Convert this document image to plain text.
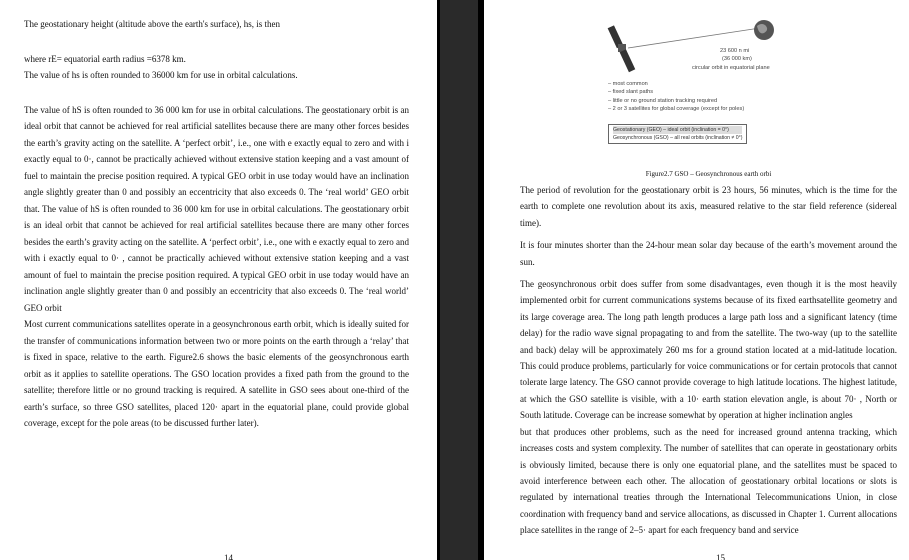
The geostationary height (altitude above the earth's surface), hs, is then

where rE= equatorial earth radius =6378 km.

The value of hs is often rounded to 36000 km for use in orbital calculations.

The value of hS is often rounded to 36 000 km for use in orbital calculations. The geostationary orbit is an ideal orbit that cannot be achieved for real artificial satellites because there are many other forces besides the earth’s gravity acting on the satellite. A ‘perfect orbit’, i.e., one with e exactly equal to zero and with i exactly equal to 0·, cannot be practically achieved without extensive station keeping and a vast amount of fuel to maintain the precise position required. A typical GEO orbit in use today would have an inclination angle slightly greater than 0 and possibly an eccentricity that also exceeds 0. The ‘real world’ GEO orbit that. The value of hS is often rounded to 36 000 km for use in orbital calculations. The geostationary orbit is an ideal orbit that cannot be achieved for real artificial satellites because there are many other forces besides the earth’s gravity acting on the satellite. A ‘perfect orbit’, i.e., one with e exactly equal to zero and with i exactly equal to 0· , cannot be practically achieved without extensive station keeping and a vast amount of fuel to maintain the precise position required. A typical GEO orbit in use today would have an inclination angle slightly greater than 0 and possibly an eccentricity that also exceeds 0. The ‘real world’ GEO orbit

Most current communications satellites operate in a geosynchronous earth orbit, which is ideally suited for the transfer of communications information between two or more points on the earth through a ‘relay’ that is fixed in space, relative to the earth. Figure2.6 shows the basic elements of the geosynchronous earth orbit as it applies to satellite operations. The GSO location provides a fixed path from the ground to the satellite; therefore little or no ground tracking is required. A satellite in GSO sees about one-third of the earth’s surface, so three GSO satellites, placed 120· apart in the equatorial plane, could provide global coverage, except for the pole areas (to be discussed further later).

14
23 600 n mi
(36 000 km)
circular orbit in equatorial plane
– most common
– fixed slant paths
– little or no ground station tracking required
– 2 or 3 satellites for global coverage (except for poles)
Geostationary (GEO) – ideal orbit (inclination = 0°)
Geosynchronous (GSO) – all real orbits (inclination ≠ 0°)

Figure2.7 GSO – Geosynchronous earth orbi

The period of revolution for the geostationary orbit is 23 hours, 56 minutes, which is the time for the earth to complete one revolution about its axis, measured relative to the star field reference (sidereal time).

It is four minutes shorter than the 24-hour mean solar day because of the earth’s movement around the sun.

The geosynchronous orbit does suffer from some disadvantages, even though it is the most heavily implemented orbit for current communications systems because of its fixed earthsatellite geometry and its large coverage area. The long path length produces a large path loss and a significant latency (time delay) for the radio wave signal propagating to and from the satellite. The two-way (up to the satellite and back) delay will be approximately 260 ms for a ground station located at a mid-latitude location. This could produce problems, particularly for voice communications or for certain protocols that cannot tolerate large latency. The GSO cannot provide coverage to high latitude locations. The highest latitude, at which the GSO satellite is visible, with a 10· earth station elevation angle, is about 70· , North or South latitude. Coverage can be increase somewhat by operation at higher inclination angles

but that produces other problems, such as the need for increased ground antenna tracking, which increases costs and system complexity. The number of satellites that can operate in geostationary orbits is obviously limited, because there is only one equatorial plane, and the satellites must be spaced to avoid interference between each other. The allocation of geostationary orbital locations or slots is regulated by international treaties through the International Telecommunications Union, in close coordination with frequency band and service allocations, as discussed in Chapter 1. Current allocations place satellites in the range of 2–5· apart for each frequency band and service

15
